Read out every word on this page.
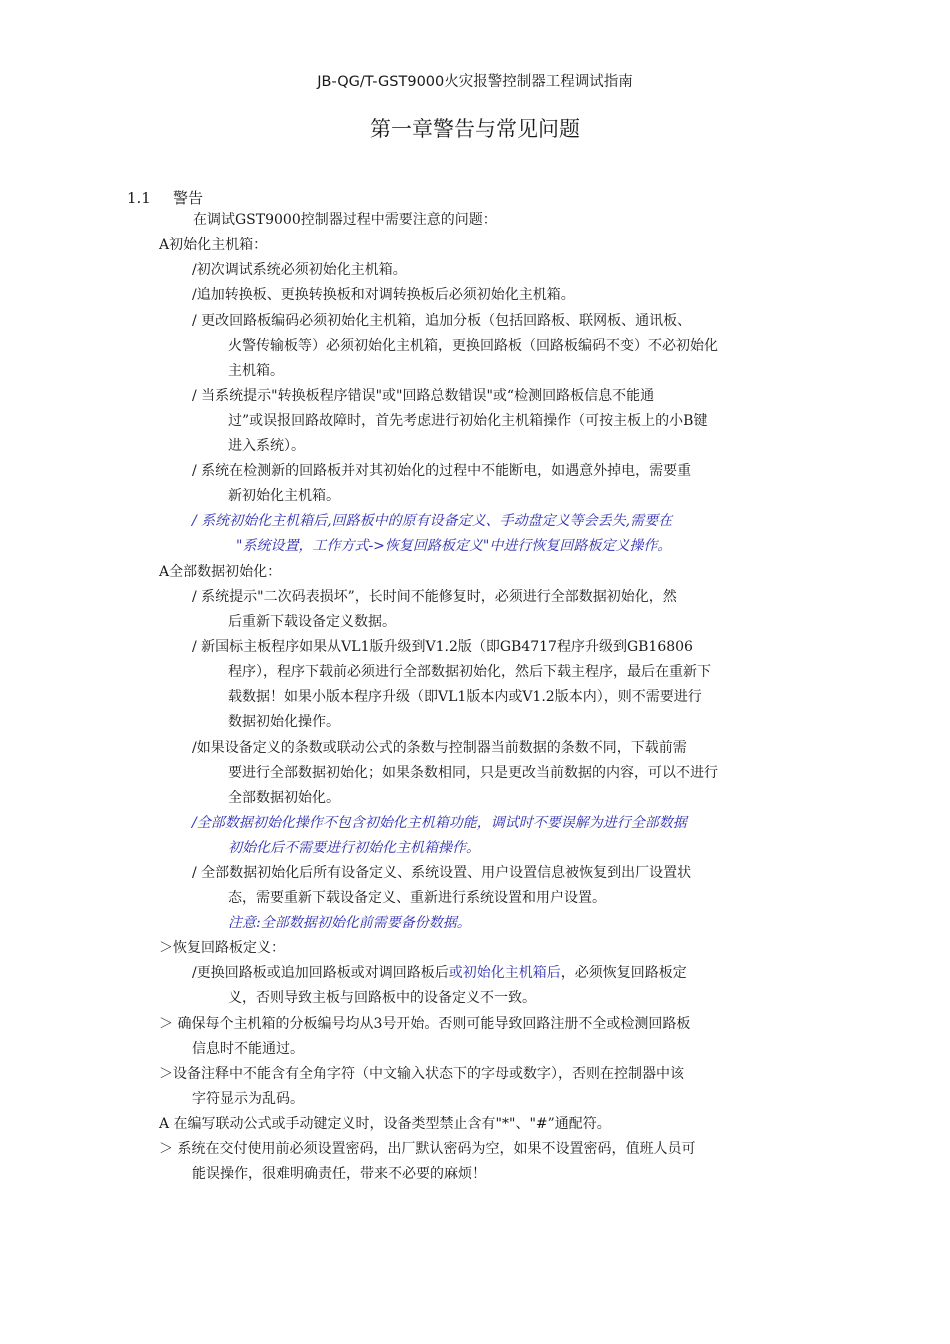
JB-QG/T-GST9000火灾报警控制器工程调试指南
第一章警告与常见问题
1.1 警告
在调试GST9000控制器过程中需要注意的问题：
A初始化主机箱：
/初次调试系统必须初始化主机箱。
/追加转换板、更换转换板和对调转换板后必须初始化主机箱。
/ 更改回路板编码必须初始化主机箱，追加分板（包括回路板、联网板、通讯板、
火警传输板等）必须初始化主机箱，更换回路板（回路板编码不变）不必初始化
主机箱。
/ 当系统提示"转换板程序错误"或"回路总数错误"或“检测回路板信息不能通
过”或误报回路故障时，首先考虑进行初始化主机箱操作（可按主板上的小B键
进入系统）。
/ 系统在检测新的回路板并对其初始化的过程中不能断电，如遇意外掉电，需要重
新初始化主机箱。
/ 系统初始化主机箱后,回路板中的原有设备定义、手动盘定义等会丢失,需要在
"系统设置，工作方式->恢复回路板定义"中进行恢复回路板定义操作。
A全部数据初始化：
/ 系统提示"二次码表损坏”，长时间不能修复时，必须进行全部数据初始化，然
后重新下载设备定义数据。
/ 新国标主板程序如果从VL1版升级到V1.2版（即GB4717程序升级到GB16806
程序），程序下载前必须进行全部数据初始化，然后下载主程序，最后在重新下
载数据！如果小版本程序升级（即VL1版本内或V1.2版本内），则不需要进行
数据初始化操作。
/如果设备定义的条数或联动公式的条数与控制器当前数据的条数不同，下载前需
要进行全部数据初始化；如果条数相同，只是更改当前数据的内容，可以不进行
全部数据初始化。
/全部数据初始化操作不包含初始化主机箱功能，调试时不要误解为进行全部数据
初始化后不需要进行初始化主机箱操作。
/ 全部数据初始化后所有设备定义、系统设置、用户设置信息被恢复到出厂设置状
态，需要重新下载设备定义、重新进行系统设置和用户设置。
注意:全部数据初始化前需要备份数据。
＞恢复回路板定义：
/更换回路板或追加回路板或对调回路板后或初始化主机箱后，必须恢复回路板定
义，否则导致主板与回路板中的设备定义不一致。
＞ 确保每个主机箱的分板编号均从3号开始。否则可能导致回路注册不全或检测回路板
信息时不能通过。
＞设备注释中不能含有全角字符（中文输入状态下的字母或数字），否则在控制器中该
字符显示为乱码。
A 在编写联动公式或手动键定义时，设备类型禁止含有"*"、"#”通配符。
＞ 系统在交付使用前必须设置密码，出厂默认密码为空，如果不设置密码，值班人员可
能误操作，很难明确责任，带来不必要的麻烦！
